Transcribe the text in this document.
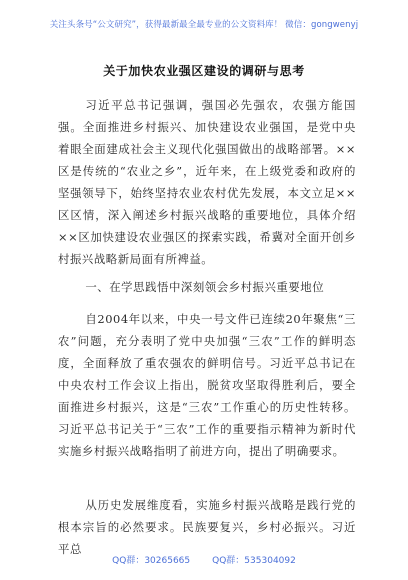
关注头条号“公文研究”，获得最新最全最专业的公文资料库！ 微信：gongwenyj
关于加快农业强区建设的调研与思考

习近平总书记强调，强国必先强农，农强方能国强。全面推进乡村振兴、加快建设农业强国，是党中央着眼全面建成社会主义现代化强国做出的战略部署。××区是传统的“农业之乡”，近年来，在上级党委和政府的坚强领导下，始终坚持农业农村优先发展，本文立足××区区情，深入阐述乡村振兴战略的重要地位，具体介绍××区加快建设农业强区的探索实践，希冀对全面开创乡村振兴战略新局面有所裨益。

一、在学思践悟中深刻领会乡村振兴重要地位

自2004年以来，中央一号文件已连续20年聚焦“三农”问题，充分表明了党中央加强“三农”工作的鲜明态度，全面释放了重农强农的鲜明信号。习近平总书记在中央农村工作会议上指出，脱贫攻坚取得胜利后，要全面推进乡村振兴，这是“三农”工作重心的历史性转移。习近平总书记关于“三农”工作的重要指示精神为新时代实施乡村振兴战略指明了前进方向，提出了明确要求。

从历史发展维度看，实施乡村振兴战略是践行党的根本宗旨的必然要求。民族要复兴，乡村必振兴。习近平总

QQ群：30265665 QQ群：535304092
